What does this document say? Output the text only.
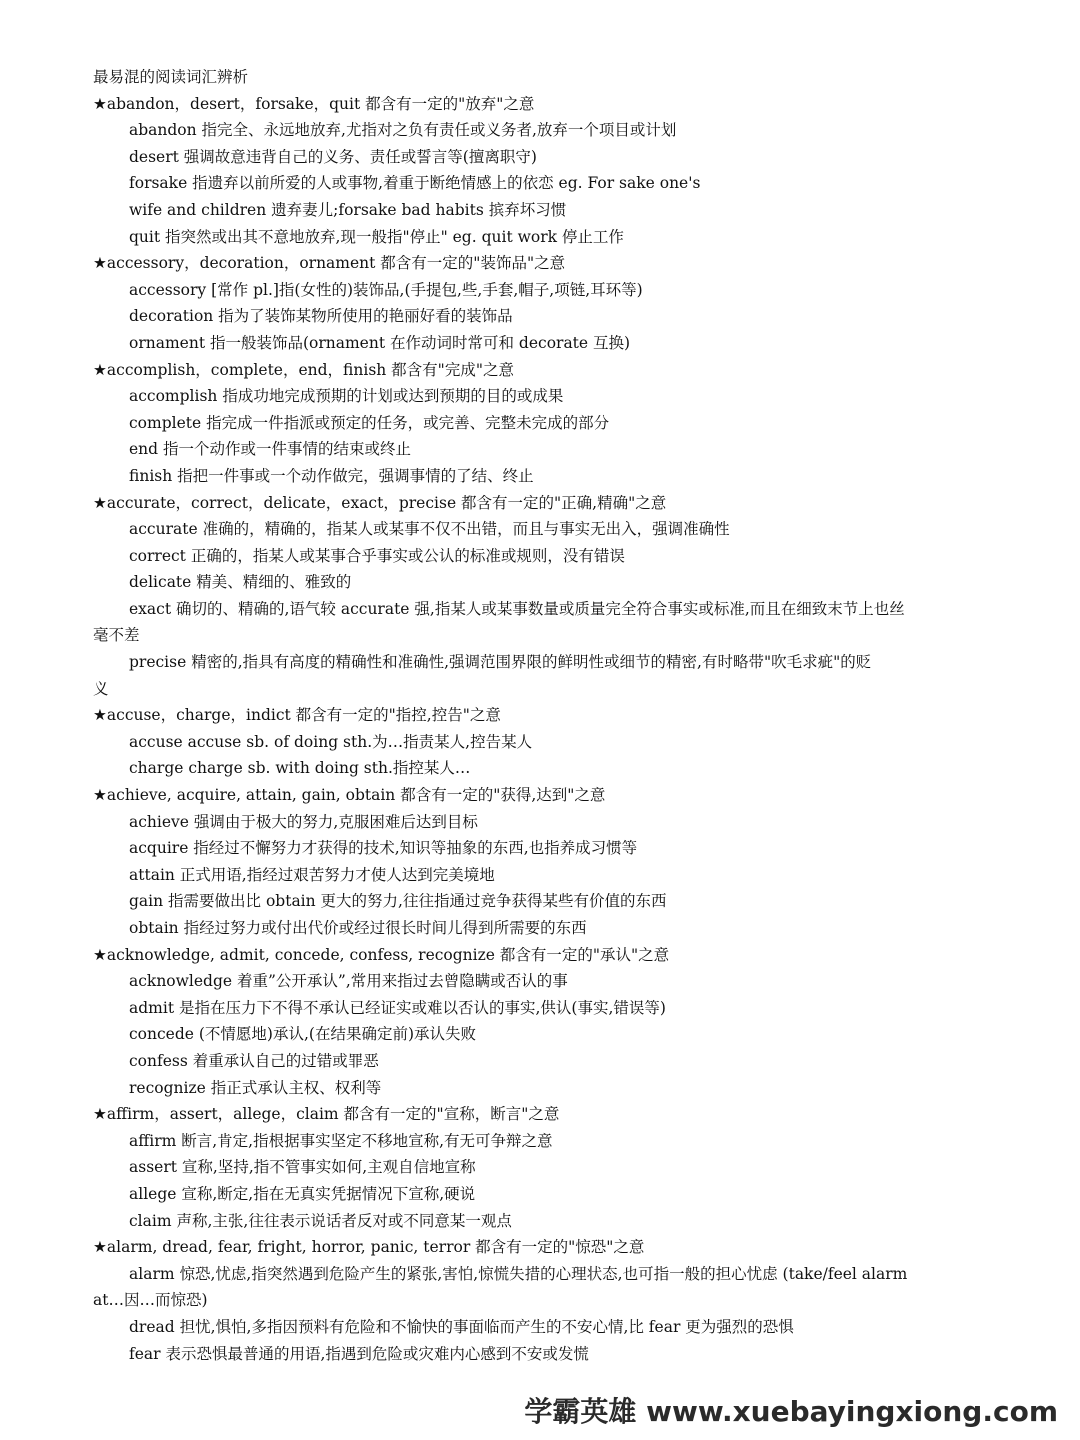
最易混的阅读词汇辨析
★abandon，desert，forsake，quit 都含有一定的"放弃"之意
abandon 指完全、永远地放弃,尤指对之负有责任或义务者,放弃一个项目或计划
desert 强调故意违背自己的义务、责任或誓言等(擅离职守)
forsake 指遗弃以前所爱的人或事物,着重于断绝情感上的依恋 eg. For sake one's
wife and children 遗弃妻儿;forsake bad habits 摈弃坏习惯
quit 指突然或出其不意地放弃,现一般指"停止" eg. quit work 停止工作
★accessory，decoration，ornament 都含有一定的"装饰品"之意
accessory [常作 pl.]指(女性的)装饰品,(手提包,些,手套,帽子,项链,耳环等)
decoration 指为了装饰某物所使用的艳丽好看的装饰品
ornament 指一般装饰品(ornament 在作动词时常可和 decorate 互换)
★accomplish，complete，end，finish 都含有"完成"之意
accomplish 指成功地完成预期的计划或达到预期的目的或成果
complete 指完成一件指派或预定的任务，或完善、完整未完成的部分
end 指一个动作或一件事情的结束或终止
finish 指把一件事或一个动作做完，强调事情的了结、终止
★accurate，correct，delicate，exact，precise 都含有一定的"正确,精确"之意
accurate 准确的，精确的，指某人或某事不仅不出错，而且与事实无出入，强调准确性
correct 正确的，指某人或某事合乎事实或公认的标准或规则，没有错误
delicate 精美、精细的、雅致的
exact 确切的、精确的,语气较 accurate 强,指某人或某事数量或质量完全符合事实或标准,而且在细致末节上也丝
毫不差
precise 精密的,指具有高度的精确性和准确性,强调范围界限的鲜明性或细节的精密,有时略带"吹毛求疵"的贬
义
★accuse，charge，indict 都含有一定的"指控,控告"之意
accuse accuse sb. of doing sth.为…指责某人,控告某人
charge charge sb. with doing sth.指控某人…
★achieve, acquire, attain, gain, obtain 都含有一定的"获得,达到"之意
achieve 强调由于极大的努力,克服困难后达到目标
acquire 指经过不懈努力才获得的技术,知识等抽象的东西,也指养成习惯等
attain 正式用语,指经过艰苦努力才使人达到完美境地
gain 指需要做出比 obtain 更大的努力,往往指通过竞争获得某些有价值的东西
obtain 指经过努力或付出代价或经过很长时间儿得到所需要的东西
★acknowledge, admit, concede, confess, recognize 都含有一定的"承认"之意
acknowledge 着重”公开承认”,常用来指过去曾隐瞒或否认的事
admit 是指在压力下不得不承认已经证实或难以否认的事实,供认(事实,错误等)
concede (不情愿地)承认,(在结果确定前)承认失败
confess 着重承认自己的过错或罪恶
recognize 指正式承认主权、权利等
★affirm，assert，allege，claim 都含有一定的"宣称，断言"之意
affirm 断言,肯定,指根据事实坚定不移地宣称,有无可争辩之意
assert 宣称,坚持,指不管事实如何,主观自信地宣称
allege 宣称,断定,指在无真实凭据情况下宣称,硬说
claim 声称,主张,往往表示说话者反对或不同意某一观点
★alarm, dread, fear, fright, horror, panic, terror 都含有一定的"惊恐"之意
alarm 惊恐,忧虑,指突然遇到危险产生的紧张,害怕,惊慌失措的心理状态,也可指一般的担心忧虑 (take/feel alarm
at…因…而惊恐)
dread 担忧,惧怕,多指因预料有危险和不愉快的事面临而产生的不安心情,比 fear 更为强烈的恐惧
fear 表示恐惧最普通的用语,指遇到危险或灾难内心感到不安或发慌
学霸英雄 www.xuebayingxiong.com
